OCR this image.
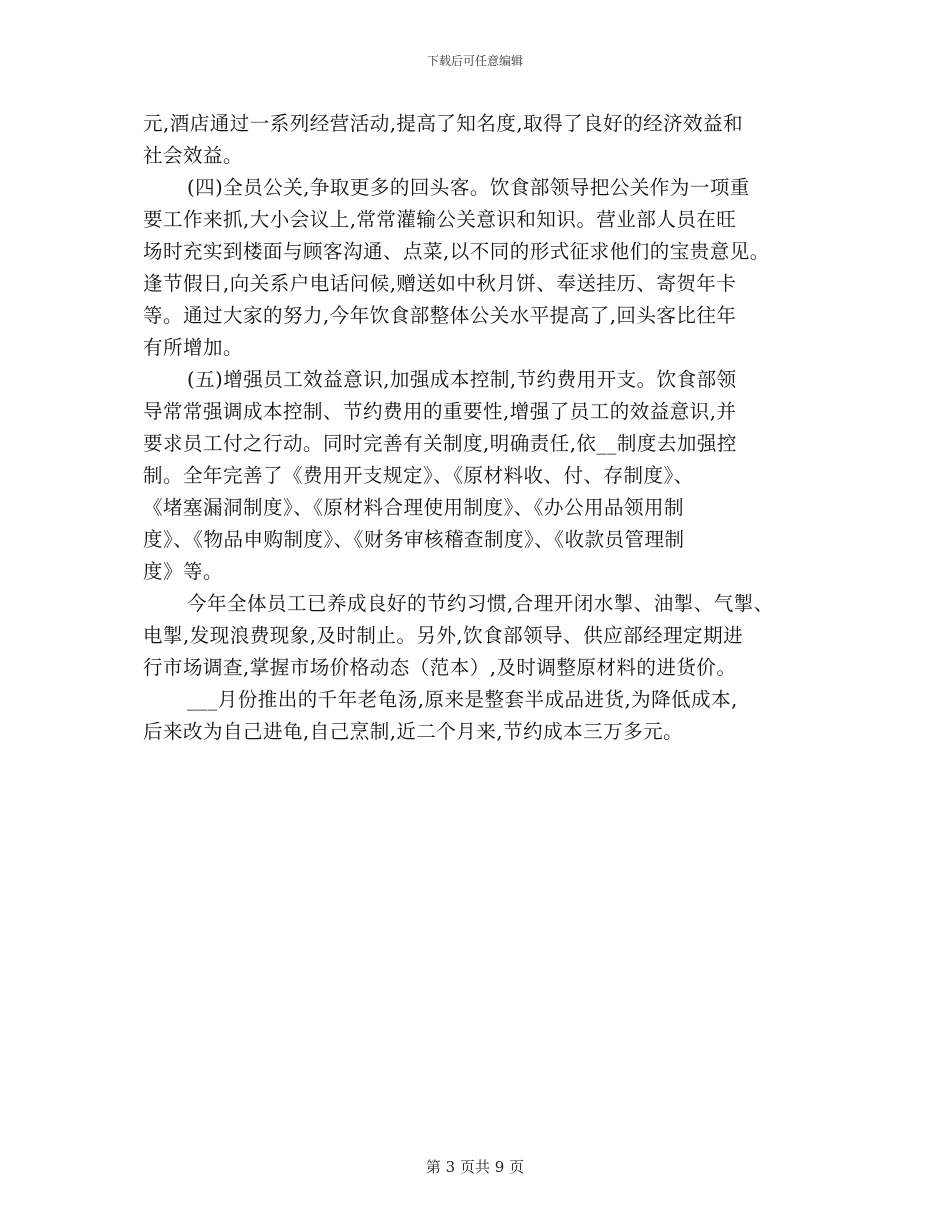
下载后可任意编辑
元,酒店通过一系列经营活动,提高了知名度,取得了良好的经济效益和
社会效益。
(四)全员公关,争取更多的回头客。饮食部领导把公关作为一项重
要工作来抓,大小会议上,常常灌输公关意识和知识。营业部人员在旺
场时充实到楼面与顾客沟通、点菜,以不同的形式征求他们的宝贵意见。
逢节假日,向关系户电话问候,赠送如中秋月饼、奉送挂历、寄贺年卡
等。通过大家的努力,今年饮食部整体公关水平提高了,回头客比往年
有所增加。
(五)增强员工效益意识,加强成本控制,节约费用开支。饮食部领
导常常强调成本控制、节约费用的重要性,增强了员工的效益意识,并
要求员工付之行动。同时完善有关制度,明确责任,依__制度去加强控
制。全年完善了《费用开支规定》、《原材料收、付、存制度》、
《堵塞漏洞制度》、《原材料合理使用制度》、《办公用品领用制
度》、《物品申购制度》、《财务审核稽查制度》、《收款员管理制
度》等。
今年全体员工已养成良好的节约习惯,合理开闭水掣、油掣、气掣、
电掣,发现浪费现象,及时制止。另外,饮食部领导、供应部经理定期进
行市场调查,掌握市场价格动态（范本）,及时调整原材料的进货价。
___月份推出的千年老龟汤,原来是整套半成品进货,为降低成本,
后来改为自己进龟,自己烹制,近二个月来,节约成本三万多元。
第 3 页共 9 页
